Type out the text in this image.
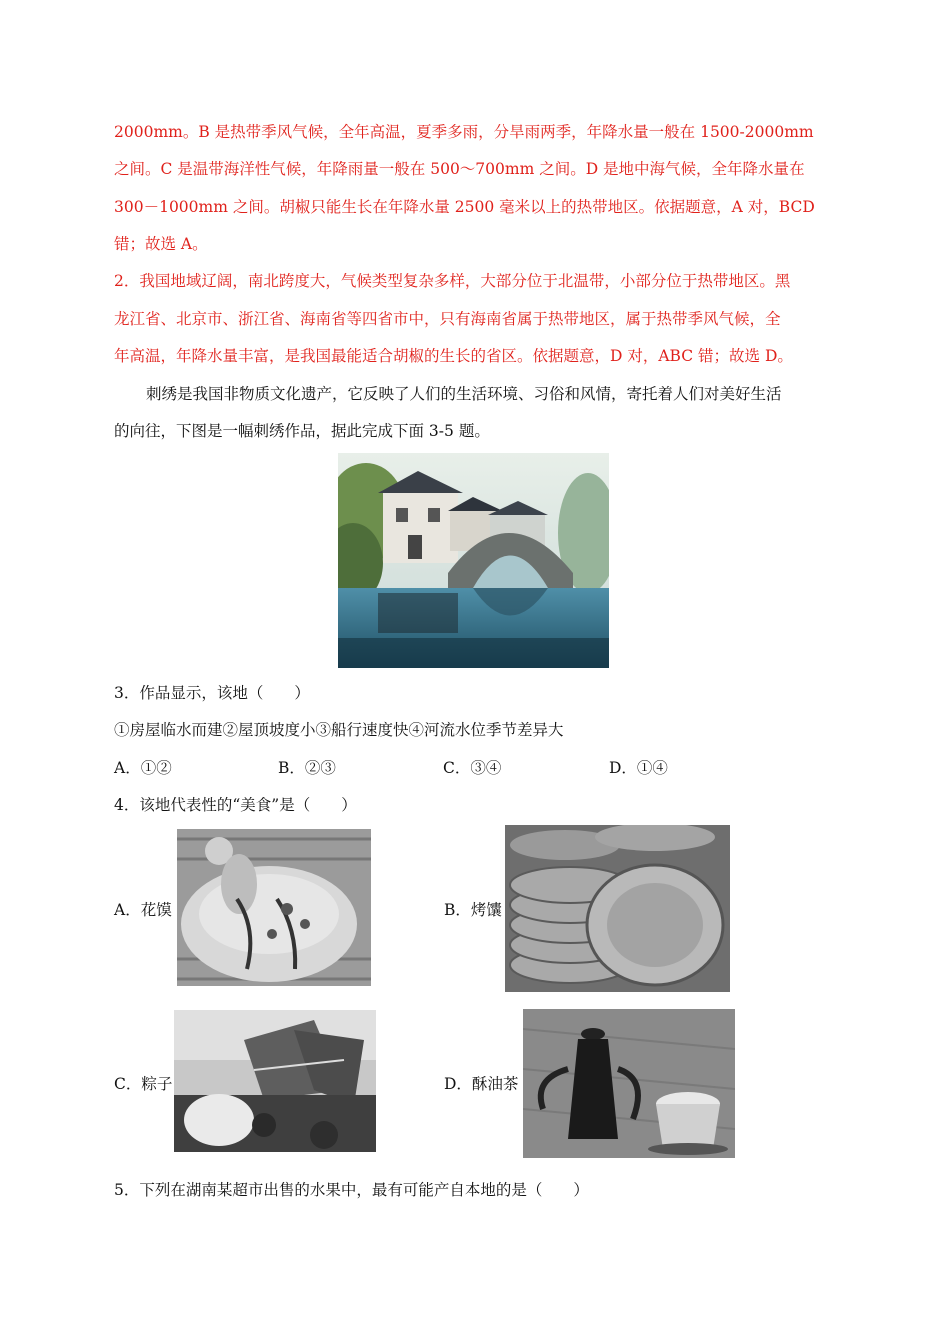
2000mm。B 是热带季风气候，全年高温，夏季多雨，分旱雨两季，年降水量一般在 1500-2000mm
之间。C 是温带海洋性气候，年降雨量一般在 500～700mm 之间。D 是地中海气候，全年降水量在
300－1000mm 之间。胡椒只能生长在年降水量 2500 毫米以上的热带地区。依据题意，A 对，BCD
错；故选 A。
2．我国地域辽阔，南北跨度大，气候类型复杂多样，大部分位于北温带，小部分位于热带地区。黑
龙江省、北京市、浙江省、海南省等四省市中，只有海南省属于热带地区，属于热带季风气候，全
年高温，年降水量丰富，是我国最能适合胡椒的生长的省区。依据题意，D 对，ABC 错；故选 D。
刺绣是我国非物质文化遗产，它反映了人们的生活环境、习俗和风情，寄托着人们对美好生活
的向往，下图是一幅刺绣作品，据此完成下面 3-5 题。
3．作品显示，该地（　　）
①房屋临水而建②屋顶坡度小③船行速度快④河流水位季节差异大
A．①②	B．②③	C．③④	D．①④
4．该地代表性的“美食”是（　　）
A．花馍	B．烤馕
C．粽子	D．酥油茶
5．下列在湖南某超市出售的水果中，最有可能产自本地的是（　　）
